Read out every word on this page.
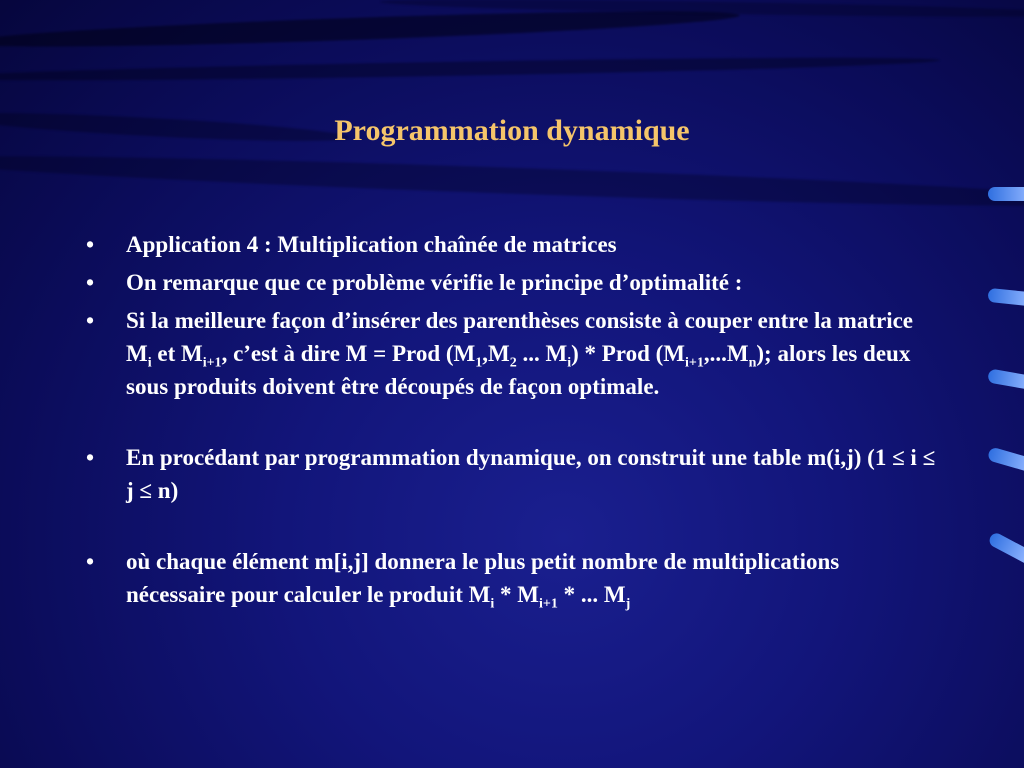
Programmation dynamique
• Application 4 : Multiplication chaînée de matrices
• On remarque que ce problème vérifie le principe d’optimalité :
• Si la meilleure façon d’insérer des parenthèses consiste à couper entre la matrice $M_i$ et $M_{i+1}$, c’est à dire M = Prod ($M_1,M_2$ ... $M_i$) * Prod $(M_{i+1},...M_n)$; alors les deux sous produits doivent être découpés de façon optimale.
• En procédant par programmation dynamique, on construit une table m(i,j) (1 ≤ i ≤ j ≤ n)
• où chaque élément m[i,j] donnera le plus petit nombre de multiplications nécessaire pour calculer le produit $M_i * M_{i+1}$ * ... $M_j$
